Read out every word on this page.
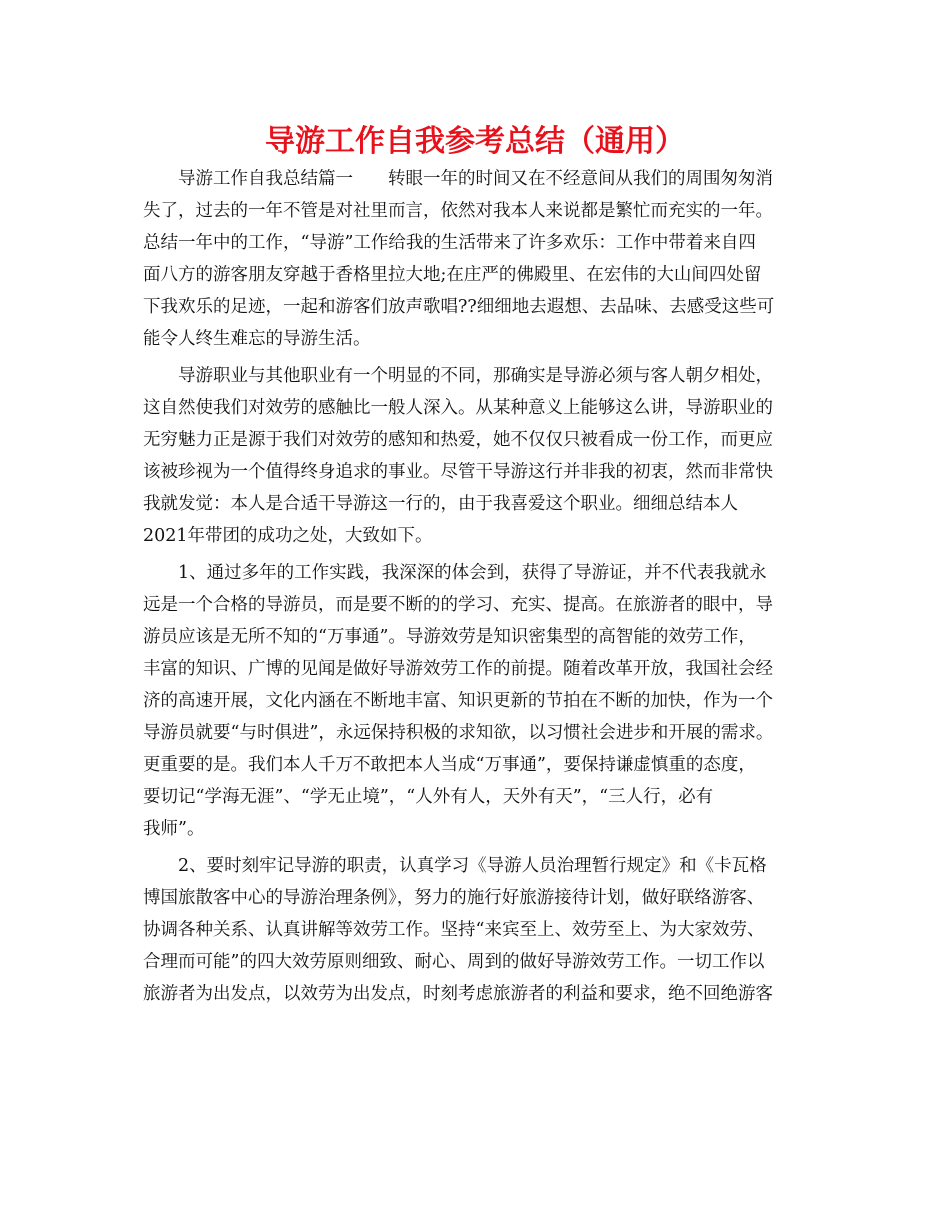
导游工作自我参考总结（通用）
导游工作自我总结篇一　　转眼一年的时间又在不经意间从我们的周围匆匆消
失了，过去的一年不管是对社里而言，依然对我本人来说都是繁忙而充实的一年。
总结一年中的工作，“导游”工作给我的生活带来了许多欢乐：工作中带着来自四
面八方的游客朋友穿越于香格里拉大地;在庄严的佛殿里、在宏伟的大山间四处留
下我欢乐的足迹，一起和游客们放声歌唱??细细地去遐想、去品味、去感受这些可
能令人终生难忘的导游生活。
导游职业与其他职业有一个明显的不同，那确实是导游必须与客人朝夕相处，
这自然使我们对效劳的感触比一般人深入。从某种意义上能够这么讲，导游职业的
无穷魅力正是源于我们对效劳的感知和热爱，她不仅仅只被看成一份工作，而更应
该被珍视为一个值得终身追求的事业。尽管干导游这行并非我的初衷，然而非常快
我就发觉：本人是合适干导游这一行的，由于我喜爱这个职业。细细总结本人
2021年带团的成功之处，大致如下。
1、通过多年的工作实践，我深深的体会到，获得了导游证，并不代表我就永
远是一个合格的导游员，而是要不断的的学习、充实、提高。在旅游者的眼中，导
游员应该是无所不知的“万事通”。导游效劳是知识密集型的高智能的效劳工作，
丰富的知识、广博的见闻是做好导游效劳工作的前提。随着改革开放，我国社会经
济的高速开展，文化内涵在不断地丰富、知识更新的节拍在不断的加快，作为一个
导游员就要“与时俱进”，永远保持积极的求知欲，以习惯社会进步和开展的需求。
更重要的是。我们本人千万不敢把本人当成“万事通”，要保持谦虚慎重的态度，
要切记“学海无涯”、“学无止境”，“人外有人，天外有天”，“三人行，必有
我师”。
2、要时刻牢记导游的职责，认真学习《导游人员治理暂行规定》和《卡瓦格
博国旅散客中心的导游治理条例》，努力的施行好旅游接待计划，做好联络游客、
协调各种关系、认真讲解等效劳工作。坚持“来宾至上、效劳至上、为大家效劳、
合理而可能”的四大效劳原则细致、耐心、周到的做好导游效劳工作。一切工作以
旅游者为出发点，以效劳为出发点，时刻考虑旅游者的利益和要求，绝不回绝游客
